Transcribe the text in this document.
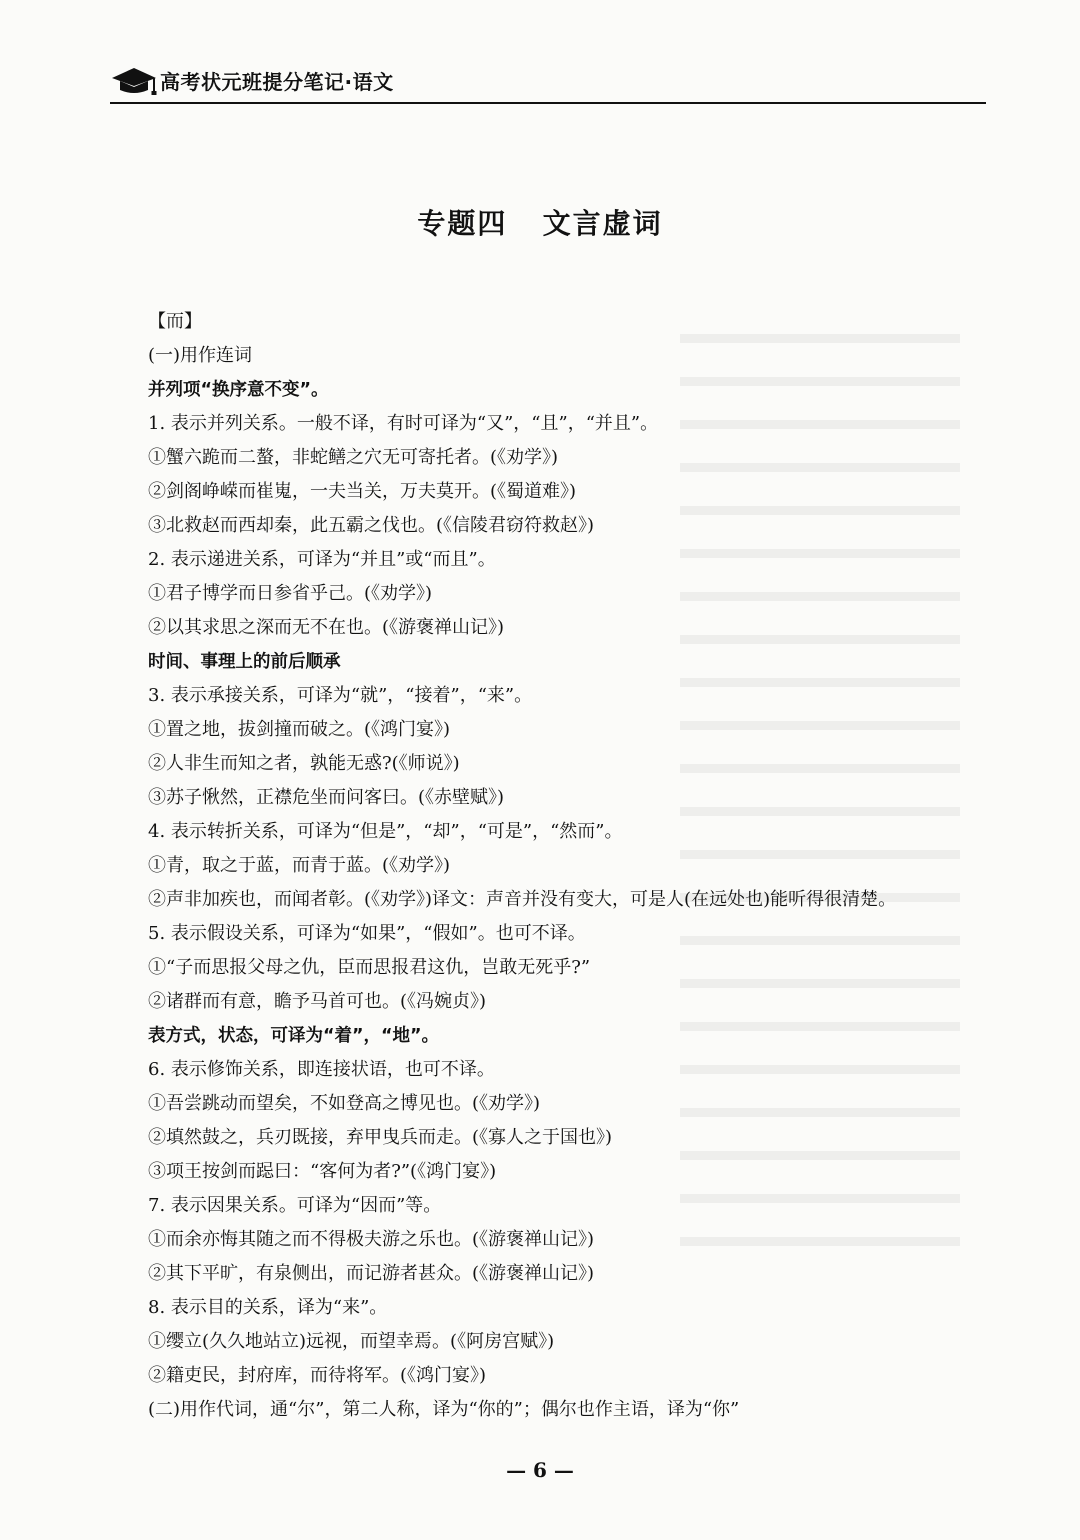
高考状元班提分笔记·语文
专题四   文言虚词
【而】
(一)用作连词
并列项“换序意不变”。
1. 表示并列关系。一般不译，有时可译为“又”，“且”，“并且”。
①蟹六跪而二螯，非蛇鳝之穴无可寄托者。(《劝学》)
②剑阁峥嵘而崔嵬，一夫当关，万夫莫开。(《蜀道难》)
③北救赵而西却秦，此五霸之伐也。(《信陵君窃符救赵》)
2. 表示递进关系，可译为“并且”或“而且”。
①君子博学而日参省乎己。(《劝学》)
②以其求思之深而无不在也。(《游褒禅山记》)
时间、事理上的前后顺承
3. 表示承接关系，可译为“就”，“接着”，“来”。
①置之地，拔剑撞而破之。(《鸿门宴》)
②人非生而知之者，孰能无惑?(《师说》)
③苏子愀然，正襟危坐而问客曰。(《赤壁赋》)
4. 表示转折关系，可译为“但是”，“却”，“可是”，“然而”。
①青，取之于蓝，而青于蓝。(《劝学》)
②声非加疾也，而闻者彰。(《劝学》)译文：声音并没有变大，可是人(在远处也)能听得很清楚。
5. 表示假设关系，可译为“如果”，“假如”。也可不译。
①“子而思报父母之仇，臣而思报君这仇，岂敢无死乎?”
②诸群而有意，瞻予马首可也。(《冯婉贞》)
表方式，状态，可译为“着”，“地”。
6. 表示修饰关系，即连接状语，也可不译。
①吾尝跳动而望矣，不如登高之博见也。(《劝学》)
②填然鼓之，兵刃既接，弃甲曳兵而走。(《寡人之于国也》)
③项王按剑而跽曰：“客何为者?”(《鸿门宴》)
7. 表示因果关系。可译为“因而”等。
①而余亦悔其随之而不得极夫游之乐也。(《游褒禅山记》)
②其下平旷，有泉侧出，而记游者甚众。(《游褒禅山记》)
8. 表示目的关系，译为“来”。
①缨立(久久地站立)远视，而望幸焉。(《阿房宫赋》)
②籍吏民，封府库，而待将军。(《鸿门宴》)
(二)用作代词，通“尔”，第二人称，译为“你的”；偶尔也作主语，译为“你”
— 6 —
